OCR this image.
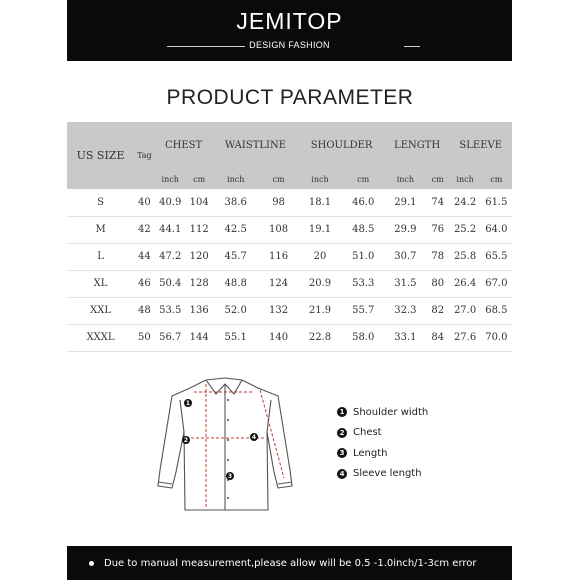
JEMITOP
DESIGN FASHION
PRODUCT PARAMETER
US SIZE	Tag	CHEST		WAISTLINE		SHOULDER		LENGTH		SLEEVE	
		inch	cm	inch	cm	inch	cm	inch	cm	inch	cm
S	40	40.9	104	38.6	98	18.1	46.0	29.1	74	24.2	61.5
M	42	44.1	112	42.5	108	19.1	48.5	29.9	76	25.2	64.0
L	44	47.2	120	45.7	116	20	51.0	30.7	78	25.8	65.5
XL	46	50.4	128	48.8	124	20.9	53.3	31.5	80	26.4	67.0
XXL	48	53.5	136	52.0	132	21.9	55.7	32.3	82	27.0	68.5
XXXL	50	56.7	144	55.1	140	22.8	58.0	33.1	84	27.6	70.0
1
2
3
4
1 Shoulder width
2 Chest
3 Length
4 Sleeve length
Due to manual measurement,please allow will be 0.5 -1.0inch/1-3cm error
